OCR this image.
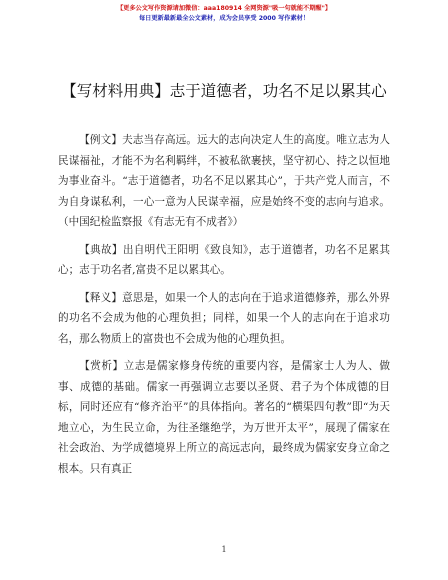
【更多公文写作资源请加微信：aaa180914 全网资源"吸一句就能不期醒"】
每日更新最新最全公文素材，成为会员享受 2000 写作素材！
【写材料用典】志于道德者，功名不足以累其心

【例文】夫志当存高远。远大的志向决定人生的高度。唯立志为人民谋福祉，才能不为名利羁绊，不被私欲裹挟，坚守初心、持之以恒地为事业奋斗。“志于道德者，功名不足以累其心”，于共产党人而言，不为自身谋私利，一心一意为人民谋幸福，应是始终不变的志向与追求。（中国纪检监察报《有志无有不成者》）

【典故】出自明代王阳明《致良知》，志于道德者，功名不足累其心；志于功名者,富贵不足以累其心。

【释义】意思是，如果一个人的志向在于追求道德修养，那么外界的功名不会成为他的心理负担；同样，如果一个人的志向在于追求功名，那么物质上的富贵也不会成为他的心理负担。

【赏析】立志是儒家修身传统的重要内容，是儒家士人为人、做事、成德的基础。儒家一再强调立志要以圣贤、君子为个体成德的目标，同时还应有“修齐治平”的具体指向。著名的“横渠四句教”即“为天地立心，为生民立命，为往圣继绝学，为万世开太平”，展现了儒家在社会政治、为学成德境界上所立的高远志向，最终成为儒家安身立命之根本。只有真正

1
